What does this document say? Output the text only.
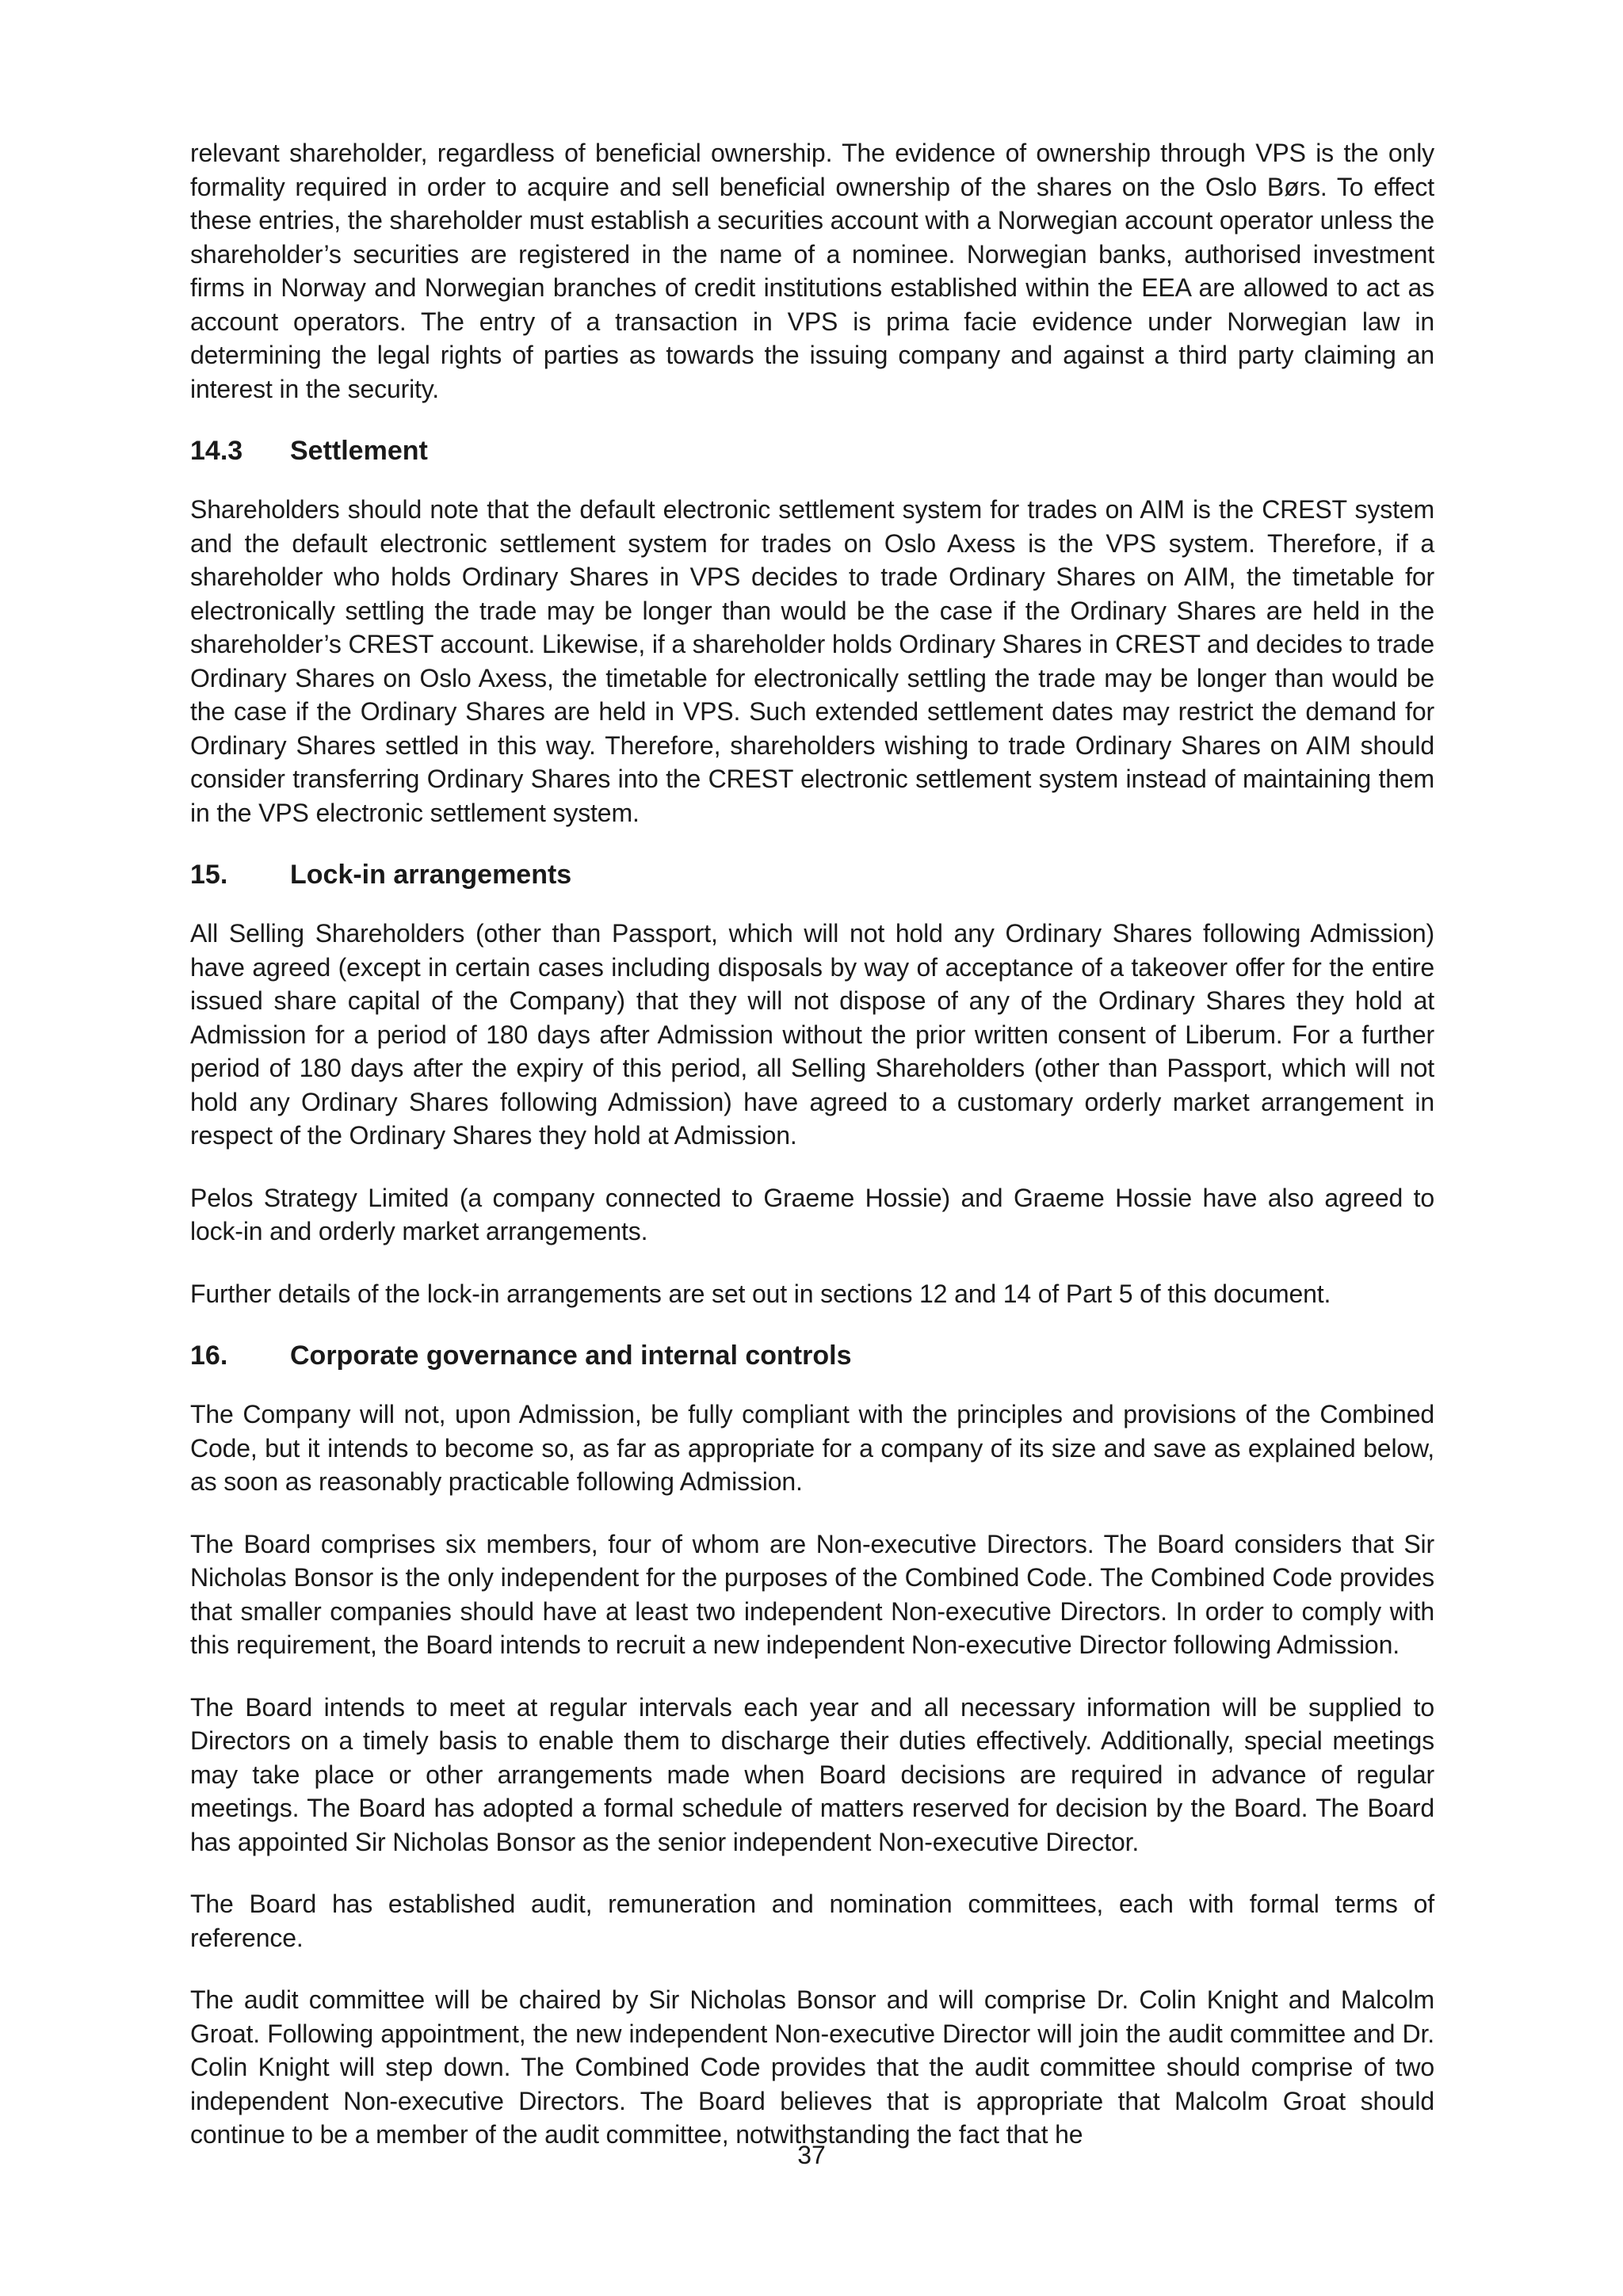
relevant shareholder, regardless of beneficial ownership. The evidence of ownership through VPS is the only formality required in order to acquire and sell beneficial ownership of the shares on the Oslo Børs. To effect these entries, the shareholder must establish a securities account with a Norwegian account operator unless the shareholder’s securities are registered in the name of a nominee. Norwegian banks, authorised investment firms in Norway and Norwegian branches of credit institutions established within the EEA are allowed to act as account operators. The entry of a transaction in VPS is prima facie evidence under Norwegian law in determining the legal rights of parties as towards the issuing company and against a third party claiming an interest in the security.

14.3	Settlement

Shareholders should note that the default electronic settlement system for trades on AIM is the CREST system and the default electronic settlement system for trades on Oslo Axess is the VPS system. Therefore, if a shareholder who holds Ordinary Shares in VPS decides to trade Ordinary Shares on AIM, the timetable for electronically settling the trade may be longer than would be the case if the Ordinary Shares are held in the shareholder’s CREST account. Likewise, if a shareholder holds Ordinary Shares in CREST and decides to trade Ordinary Shares on Oslo Axess, the timetable for electronically settling the trade may be longer than would be the case if the Ordinary Shares are held in VPS. Such extended settlement dates may restrict the demand for Ordinary Shares settled in this way. Therefore, shareholders wishing to trade Ordinary Shares on AIM should consider transferring Ordinary Shares into the CREST electronic settlement system instead of maintaining them in the VPS electronic settlement system.

15.	Lock-in arrangements

All Selling Shareholders (other than Passport, which will not hold any Ordinary Shares following Admission) have agreed (except in certain cases including disposals by way of acceptance of a takeover offer for the entire issued share capital of the Company) that they will not dispose of any of the Ordinary Shares they hold at Admission for a period of 180 days after Admission without the prior written consent of Liberum. For a further period of 180 days after the expiry of this period, all Selling Shareholders (other than Passport, which will not hold any Ordinary Shares following Admission) have agreed to a customary orderly market arrangement in respect of the Ordinary Shares they hold at Admission.

Pelos Strategy Limited (a company connected to Graeme Hossie) and Graeme Hossie have also agreed to lock-in and orderly market arrangements.

Further details of the lock-in arrangements are set out in sections 12 and 14 of Part 5 of this document.

16.	Corporate governance and internal controls

The Company will not, upon Admission, be fully compliant with the principles and provisions of the Combined Code, but it intends to become so, as far as appropriate for a company of its size and save as explained below, as soon as reasonably practicable following Admission.

The Board comprises six members, four of whom are Non-executive Directors. The Board considers that Sir Nicholas Bonsor is the only independent for the purposes of the Combined Code. The Combined Code provides that smaller companies should have at least two independent Non-executive Directors. In order to comply with this requirement, the Board intends to recruit a new independent Non-executive Director following Admission.

The Board intends to meet at regular intervals each year and all necessary information will be supplied to Directors on a timely basis to enable them to discharge their duties effectively. Additionally, special meetings may take place or other arrangements made when Board decisions are required in advance of regular meetings. The Board has adopted a formal schedule of matters reserved for decision by the Board. The Board has appointed Sir Nicholas Bonsor as the senior independent Non-executive Director.

The Board has established audit, remuneration and nomination committees, each with formal terms of reference.

The audit committee will be chaired by Sir Nicholas Bonsor and will comprise Dr. Colin Knight and Malcolm Groat. Following appointment, the new independent Non-executive Director will join the audit committee and Dr. Colin Knight will step down. The Combined Code provides that the audit committee should comprise of two independent Non-executive Directors. The Board believes that is appropriate that Malcolm Groat should continue to be a member of the audit committee, notwithstanding the fact that he

37
